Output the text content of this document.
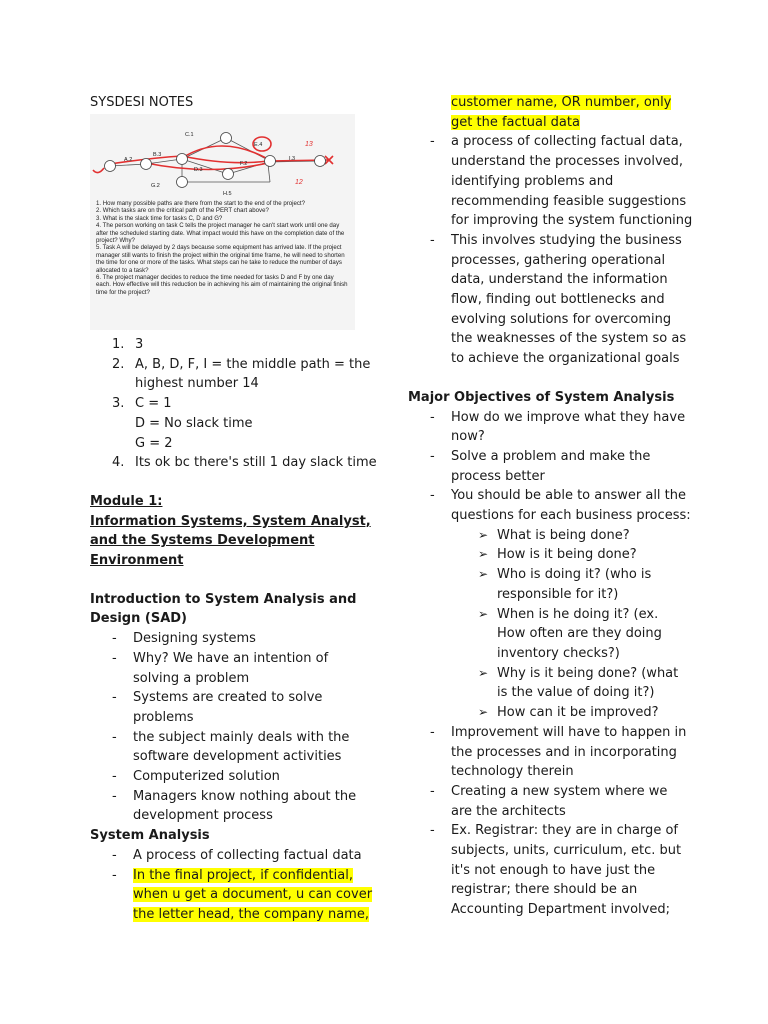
SYSDESI NOTES
A.2
B.3
C.1
D.3
E.4
F.2
G.2
H.5
I.3
13
12
1. How many possible paths are there from the start to the end of the project?
2. Which tasks are on the critical path of the PERT chart above?
3. What is the slack time for tasks C, D and G?
4. The person working on task C tells the project manager he can't start work until one day after the scheduled starting date. What impact would this have on the completion date of the project? Why?
5. Task A will be delayed by 2 days because some equipment has arrived late. If the project manager still wants to finish the project within the original time frame, he will need to shorten the time for one or more of the tasks. What steps can he take to reduce the number of days allocated to a task?
6. The project manager decides to reduce the time needed for tasks D and F by one day each. How effective will this reduction be in achieving his aim of maintaining the original finish time for the project?
1. 3
2. A, B, D, F, I = the middle path = the
highest number 14
3. C = 1
D = No slack time
G = 2
4. Its ok bc there's still 1 day slack time
Module 1:
Information Systems, System Analyst,
and the Systems Development
Environment
Introduction to System Analysis and
Design (SAD)
- Designing systems
- Why? We have an intention of
solving a problem
- Systems are created to solve
problems
- the subject mainly deals with the
software development activities
- Computerized solution
- Managers know nothing about the
development process
System Analysis
- A process of collecting factual data
- In the final project, if confidential,
when u get a document, u can cover
the letter head, the company name,
customer name, OR number, only
get the factual data
- a process of collecting factual data,
understand the processes involved,
identifying problems and
recommending feasible suggestions
for improving the system functioning
- This involves studying the business
processes, gathering operational
data, understand the information
flow, finding out bottlenecks and
evolving solutions for overcoming
the weaknesses of the system so as
to achieve the organizational goals
Major Objectives of System Analysis
- How do we improve what they have
now?
- Solve a problem and make the
process better
- You should be able to answer all the
questions for each business process:
➢ What is being done?
➢ How is it being done?
➢ Who is doing it? (who is
responsible for it?)
➢ When is he doing it? (ex.
How often are they doing
inventory checks?)
➢ Why is it being done? (what
is the value of doing it?)
➢ How can it be improved?
- Improvement will have to happen in
the processes and in incorporating
technology therein
- Creating a new system where we
are the architects
- Ex. Registrar: they are in charge of
subjects, units, curriculum, etc. but
it's not enough to have just the
registrar; there should be an
Accounting Department involved;
